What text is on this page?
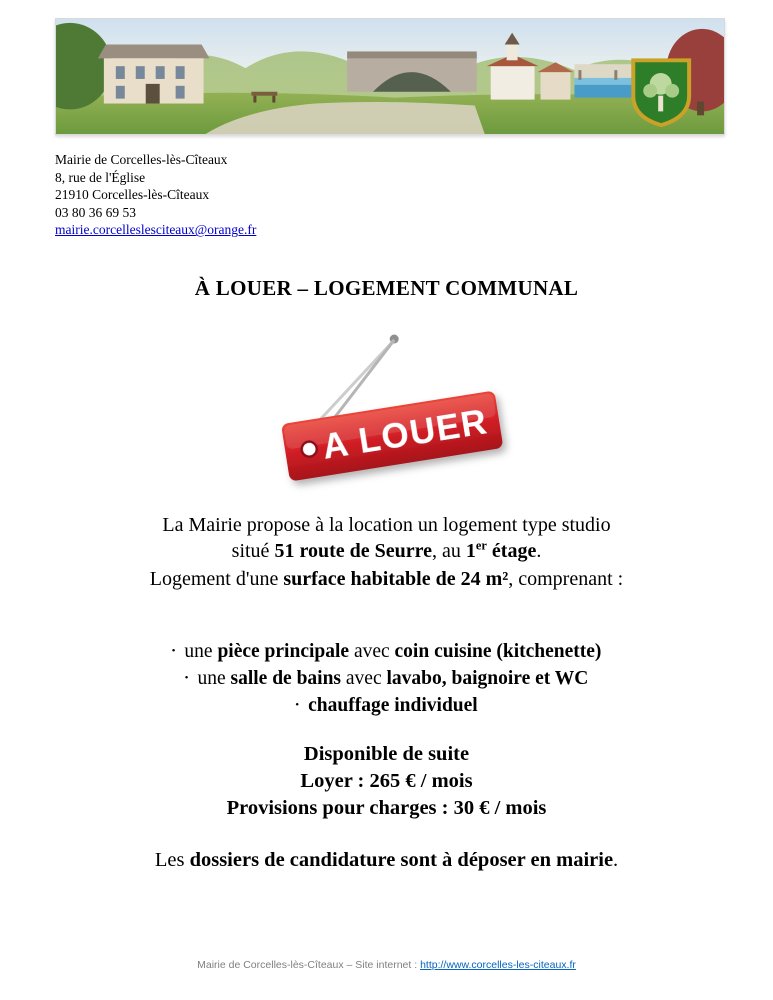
Mairie de Corcelles-lès-Cîteaux
8, rue de l'Église
21910 Corcelles-lès-Cîteaux
03 80 36 69 53
mairie.corcelleslesciteaux@orange.fr
À LOUER – LOGEMENT COMMUNAL
A LOUER
La Mairie propose à la location un logement type studio
situé 51 route de Seurre, au 1er étage.
Logement d'une surface habitable de 24 m², comprenant :
• une pièce principale avec coin cuisine (kitchenette)
• une salle de bains avec lavabo, baignoire et WC
• chauffage individuel
Disponible de suite
Loyer : 265 € / mois
Provisions pour charges : 30 € / mois
Les dossiers de candidature sont à déposer en mairie.
Mairie de Corcelles-lès-Cîteaux – Site internet : http://www.corcelles-les-citeaux.fr
